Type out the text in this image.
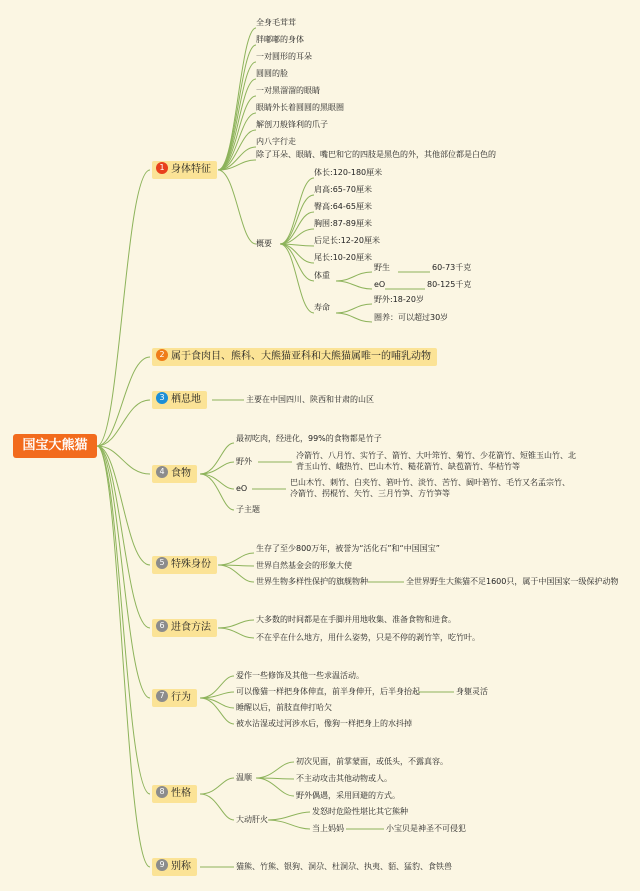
国宝大熊猫
1 身体特征
全身毛茸茸
胖嘟嘟的身体
一对圆形的耳朵
圆圆的脸
一对黑溜溜的眼睛
眼睛外长着圆圆的黑眼圈
解剖刀般锋利的爪子
内八字行走
除了耳朵、眼睛、嘴巴和它的四肢是黑色的外，其他部位都是白色的
概要
体长:120-180厘米
肩高:65-70厘米
臀高:64-65厘米
胸围:87-89厘米
后足长:12-20厘米
尾长:10-20厘米
体重
野生	60-73千克
eO	80-125千克
寿命
野外:18-20岁
圈养：可以超过30岁
2 属于食肉目、熊科、大熊猫亚科和大熊猫属唯一的哺乳动物
3 栖息地	主要在中国四川、陕西和甘肃的山区
4 食物
最初吃肉，经进化，99%的食物都是竹子
野外
冷箭竹、八月竹、实竹子、箭竹、大叶筇竹、菊竹、少花箭竹、短锥玉山竹、北
背玉山竹、峨热竹、巴山木竹、糙花箭竹、缺苞箭竹、华桔竹等
eO
巴山木竹、刺竹、白夹竹、箬叶竹、淡竹、苦竹、阔叶箬竹、毛竹又名孟宗竹、
冷箭竹、拐棍竹、矢竹、三月竹笋、方竹笋等
子主题
5 特殊身份
生存了至少800万年，被誉为“活化石”和“中国国宝”
世界自然基金会的形象大使
世界生物多样性保护的旗舰物种	全世界野生大熊猫不足1600只，属于中国国家一级保护动物
6 进食方法
大多数的时间都是在手脚并用地收集、准备食物和进食。
不在乎在什么地方，用什么姿势，只是不停的剥竹竿，吃竹叶。
7 行为
爱作一些修饰及其他一些求温活动。
可以像猫一样把身体伸直，前半身伸开，后半身抬起	身躯灵活
睡醒以后，前肢直伸打哈欠
被水沾湿或过河涉水后，像狗一样把身上的水抖掉
8 性格
温顺
初次见面，前掌蒙面，或低头，不露真容。
不主动攻击其他动物或人。
野外偶遇，采用回避的方式。
大动肝火
发怒时危险性堪比其它熊种
当上妈妈	小宝贝是神圣不可侵犯
9 别称	猫熊、竹熊、银狗、洞尕、杜洞尕、执夷、貊、猛豹、食铁兽
